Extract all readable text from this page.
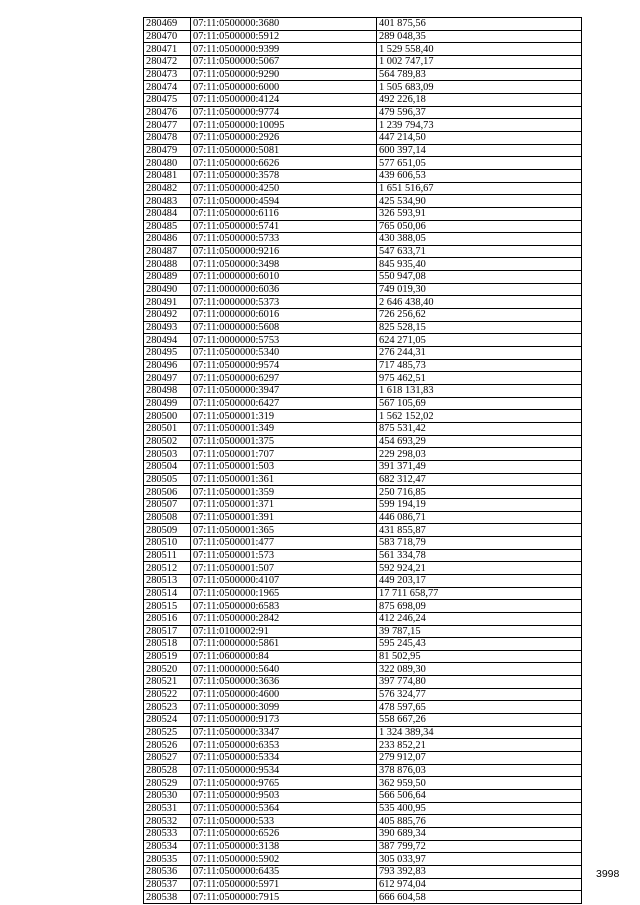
280469	07:11:0500000:3680	401 875,56
280470	07:11:0500000:5912	289 048,35
280471	07:11:0500000:9399	1 529 558,40
280472	07:11:0500000:5067	1 002 747,17
280473	07:11:0500000:9290	564 789,83
280474	07:11:0500000:6000	1 505 683,09
280475	07:11:0500000:4124	492 226,18
280476	07:11:0500000:9774	479 596,37
280477	07:11:0500000:10095	1 239 794,73
280478	07:11:0500000:2926	447 214,50
280479	07:11:0500000:5081	600 397,14
280480	07:11:0500000:6626	577 651,05
280481	07:11:0500000:3578	439 606,53
280482	07:11:0500000:4250	1 651 516,67
280483	07:11:0500000:4594	425 534,90
280484	07:11:0500000:6116	326 593,91
280485	07:11:0500000:5741	765 050,06
280486	07:11:0500000:5733	430 388,05
280487	07:11:0500000:9216	547 633,71
280488	07:11:0500000:3498	845 935,40
280489	07:11:0000000:6010	550 947,08
280490	07:11:0000000:6036	749 019,30
280491	07:11:0000000:5373	2 646 438,40
280492	07:11:0000000:6016	726 256,62
280493	07:11:0000000:5608	825 528,15
280494	07:11:0000000:5753	624 271,05
280495	07:11:0500000:5340	276 244,31
280496	07:11:0500000:9574	717 485,73
280497	07:11:0500000:6297	975 462,51
280498	07:11:0500000:3947	1 618 131,83
280499	07:11:0500000:6427	567 105,69
280500	07:11:0500001:319	1 562 152,02
280501	07:11:0500001:349	875 531,42
280502	07:11:0500001:375	454 693,29
280503	07:11:0500001:707	229 298,03
280504	07:11:0500001:503	391 371,49
280505	07:11:0500001:361	682 312,47
280506	07:11:0500001:359	250 716,85
280507	07:11:0500001:371	599 194,19
280508	07:11:0500001:391	446 086,71
280509	07:11:0500001:365	431 855,87
280510	07:11:0500001:477	583 718,79
280511	07:11:0500001:573	561 334,78
280512	07:11:0500001:507	592 924,21
280513	07:11:0500000:4107	449 203,17
280514	07:11:0500000:1965	17 711 658,77
280515	07:11:0500000:6583	875 698,09
280516	07:11:0500000:2842	412 246,24
280517	07:11:0100002:91	39 787,15
280518	07:11:0000000:5861	595 245,43
280519	07:11:0600000:84	81 502,95
280520	07:11:0000000:5640	322 089,30
280521	07:11:0500000:3636	397 774,80
280522	07:11:0500000:4600	576 324,77
280523	07:11:0500000:3099	478 597,65
280524	07:11:0500000:9173	558 667,26
280525	07:11:0500000:3347	1 324 389,34
280526	07:11:0500000:6353	233 852,21
280527	07:11:0500000:5334	279 912,07
280528	07:11:0500000:9534	378 876,03
280529	07:11:0500000:9765	362 959,50
280530	07:11:0500000:9503	566 506,64
280531	07:11:0500000:5364	535 400,95
280532	07:11:0500000:533	405 885,76
280533	07:11:0500000:6526	390 689,34
280534	07:11:0500000:3138	387 799,72
280535	07:11:0500000:5902	305 033,97
280536	07:11:0500000:6435	793 392,83
280537	07:11:0500000:5971	612 974,04
280538	07:11:0500000:7915	666 604,58
3998
